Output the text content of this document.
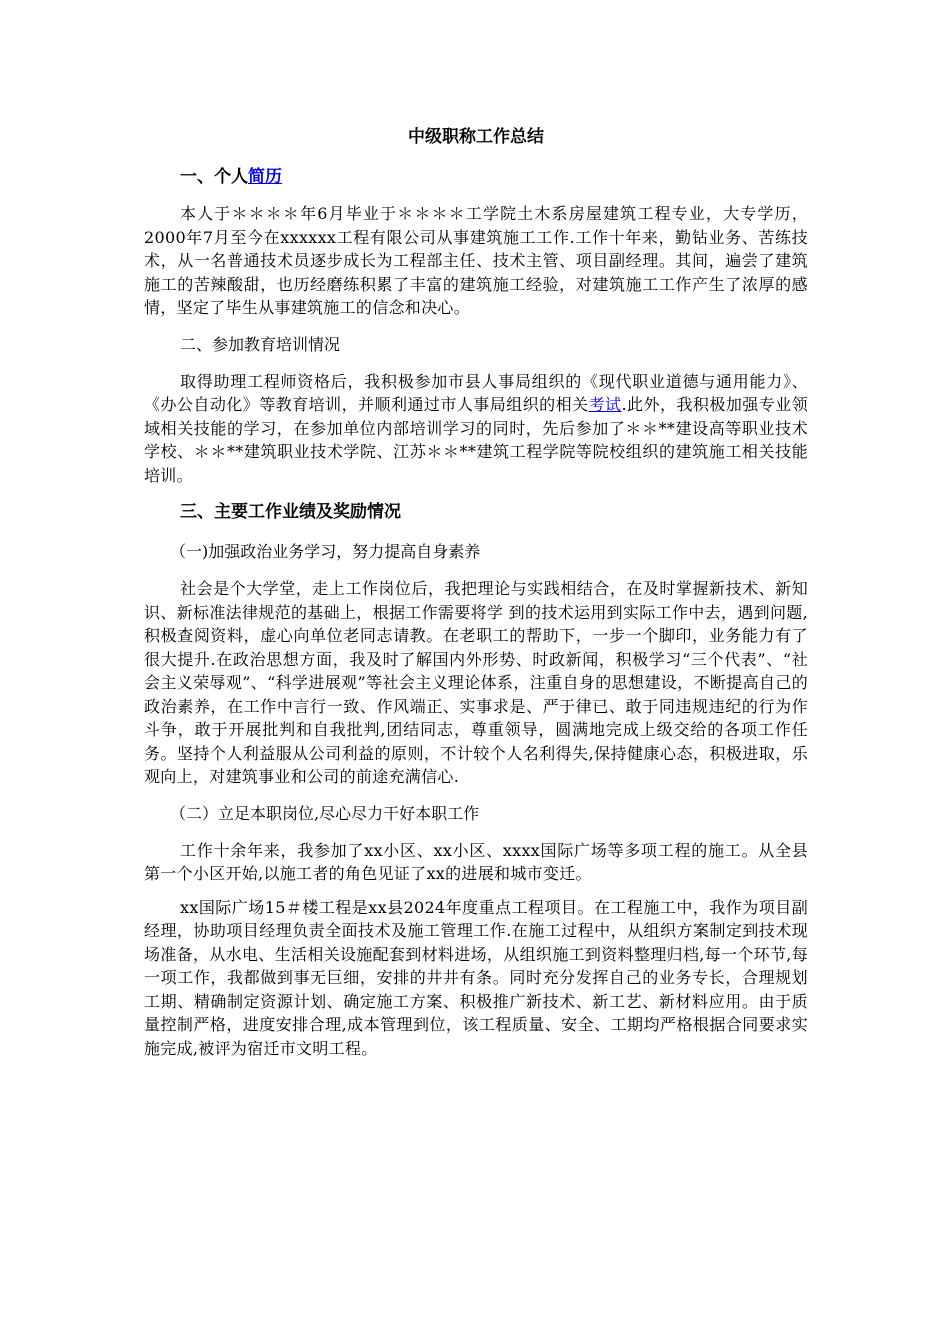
中级职称工作总结
一、个人简历

本人于＊＊＊＊年6月毕业于＊＊＊＊工学院土木系房屋建筑工程专业，大专学历，2000年7月至今在xxxxxx工程有限公司从事建筑施工工作.工作十年来，勤钻业务、苦练技术，从一名普通技术员逐步成长为工程部主任、技术主管、项目副经理。其间，遍尝了建筑施工的苦辣酸甜，也历经磨练积累了丰富的建筑施工经验，对建筑施工工作产生了浓厚的感情，坚定了毕生从事建筑施工的信念和决心。

二、参加教育培训情况

取得助理工程师资格后，我积极参加市县人事局组织的《现代职业道德与通用能力》、《办公自动化》等教育培训，并顺利通过市人事局组织的相关考试.此外，我积极加强专业领域相关技能的学习，在参加单位内部培训学习的同时，先后参加了＊＊**建设高等职业技术学校、＊＊**建筑职业技术学院、江苏＊＊**建筑工程学院等院校组织的建筑施工相关技能培训。

三、主要工作业绩及奖励情况
（一)加强政治业务学习，努力提高自身素养

社会是个大学堂，走上工作岗位后，我把理论与实践相结合，在及时掌握新技术、新知识、新标准法律规范的基础上，根据工作需要将学 到的技术运用到实际工作中去，遇到问题,积极查阅资料，虚心向单位老同志请教。在老职工的帮助下，一步一个脚印，业务能力有了很大提升.在政治思想方面，我及时了解国内外形势、时政新闻，积极学习“三个代表”、“社会主义荣辱观”、“科学进展观”等社会主义理论体系，注重自身的思想建设，不断提高自己的政治素养，在工作中言行一致、作风端正、实事求是、严于律已、敢于同违规违纪的行为作斗争，敢于开展批判和自我批判,团结同志，尊重领导，圆满地完成上级交给的各项工作任务。坚持个人利益服从公司利益的原则，不计较个人名利得失,保持健康心态，积极进取，乐观向上，对建筑事业和公司的前途充满信心.

（二）立足本职岗位,尽心尽力干好本职工作

工作十余年来，我参加了xx小区、xx小区、xxxx国际广场等多项工程的施工。从全县第一个小区开始,以施工者的角色见证了xx的进展和城市变迁。

xx国际广场15＃楼工程是xx县2024年度重点工程项目。在工程施工中，我作为项目副经理，协助项目经理负责全面技术及施工管理工作.在施工过程中，从组织方案制定到技术现场准备，从水电、生活相关设施配套到材料进场，从组织施工到资料整理归档,每一个环节,每一项工作，我都做到事无巨细，安排的井井有条。同时充分发挥自己的业务专长，合理规划工期、精确制定资源计划、确定施工方案、积极推广新技术、新工艺、新材料应用。由于质量控制严格，进度安排合理,成本管理到位，该工程质量、安全、工期均严格根据合同要求实施完成,被评为宿迁市文明工程。
